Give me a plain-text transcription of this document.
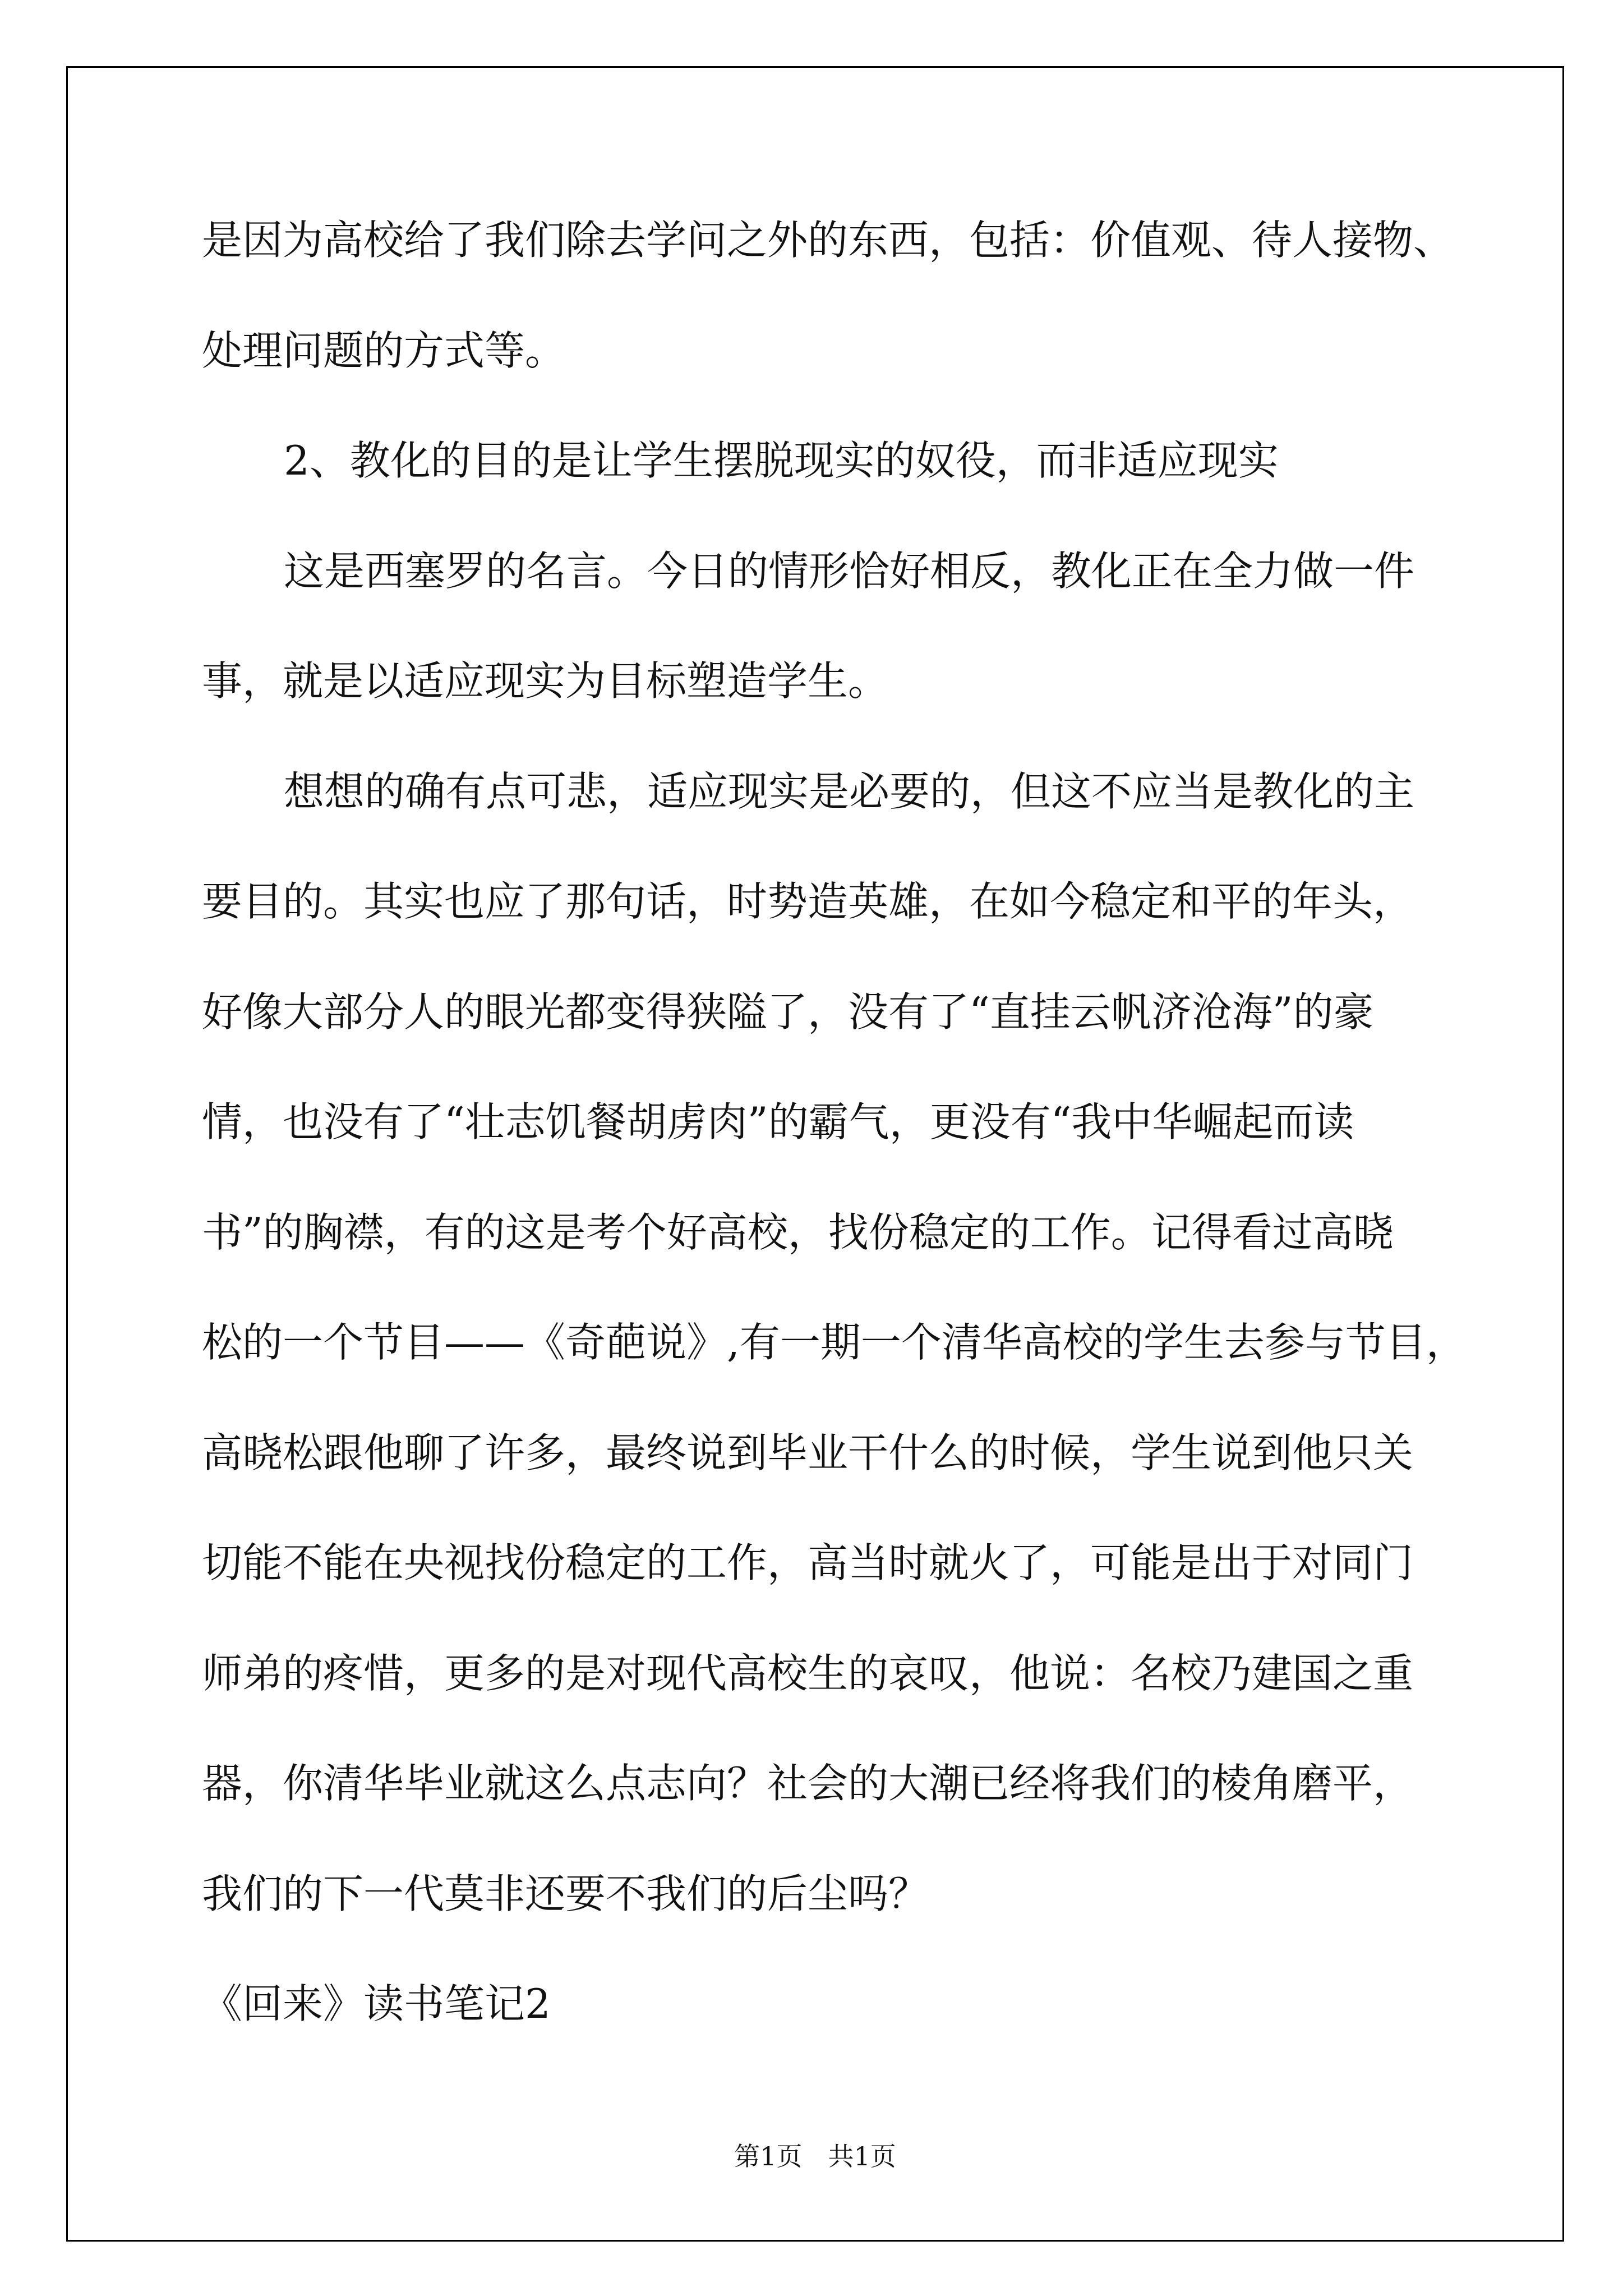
是因为高校给了我们除去学问之外的东西，包括：价值观、待人接物、
处理问题的方式等。
2、教化的目的是让学生摆脱现实的奴役，而非适应现实
这是西塞罗的名言。今日的情形恰好相反，教化正在全力做一件
事，就是以适应现实为目标塑造学生。
想想的确有点可悲，适应现实是必要的，但这不应当是教化的主
要目的。其实也应了那句话，时势造英雄，在如今稳定和平的年头，
好像大部分人的眼光都变得狭隘了，没有了“直挂云帆济沧海”的豪
情，也没有了“壮志饥餐胡虏肉”的霸气，更没有“我中华崛起而读
书”的胸襟，有的这是考个好高校，找份稳定的工作。记得看过高晓
松的一个节目——《奇葩说》,有一期一个清华高校的学生去参与节目，
高晓松跟他聊了许多，最终说到毕业干什么的时候，学生说到他只关
切能不能在央视找份稳定的工作，高当时就火了，可能是出于对同门
师弟的疼惜，更多的是对现代高校生的哀叹，他说：名校乃建国之重
器，你清华毕业就这么点志向？社会的大潮已经将我们的棱角磨平，
我们的下一代莫非还要不我们的后尘吗？
《回来》读书笔记2
第1页　共1页
